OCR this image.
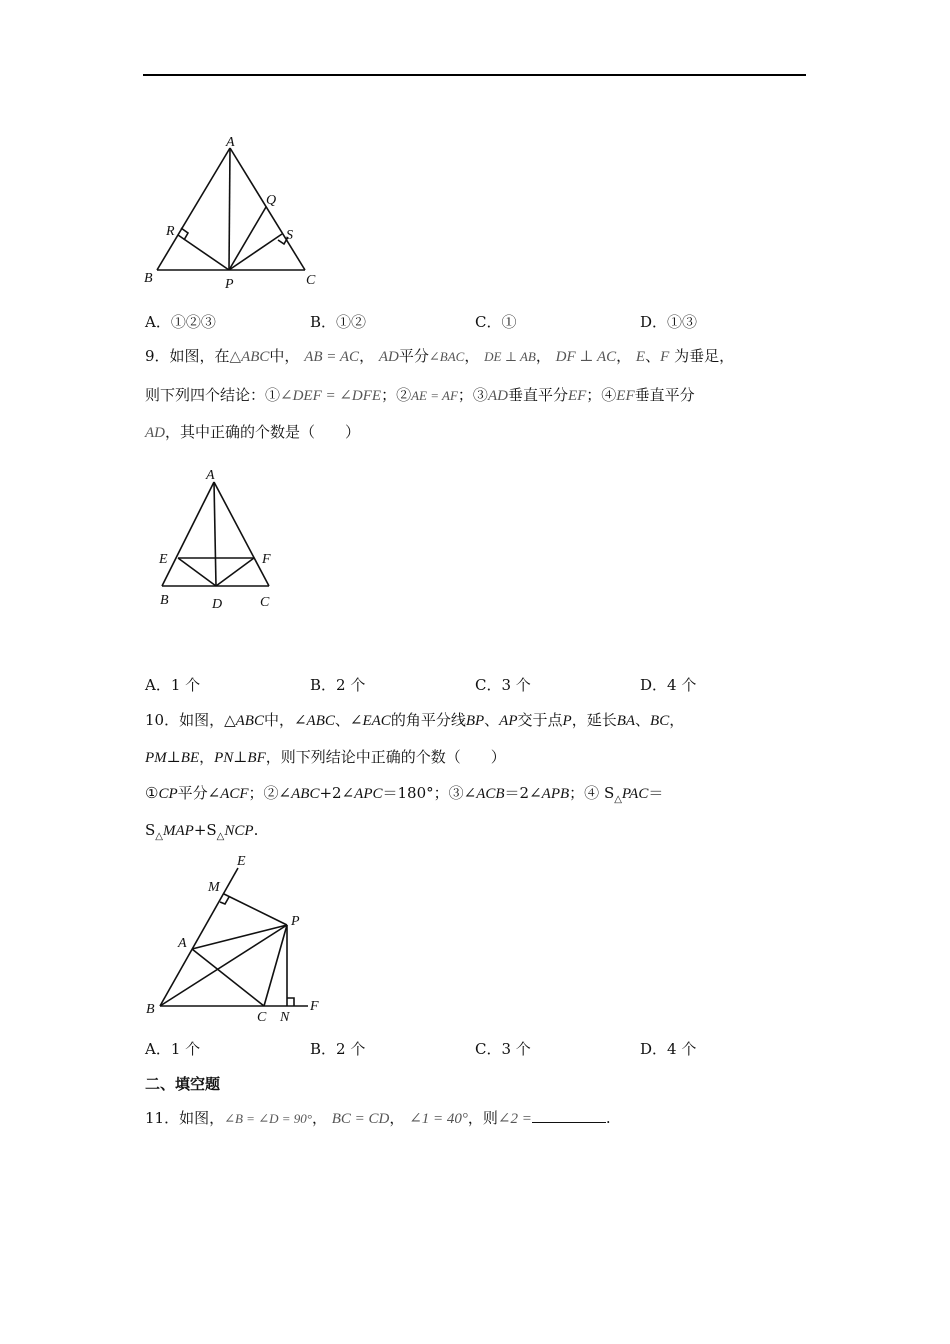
A
Q
R	S
B	P	C
A．①②③	B．①②	C．①	D．①③
9．如图，在△ABC中， AB = AC， AD平分∠BAC， DE ⊥ AB， DF ⊥ AC， E、F 为垂足，
则下列四个结论：①∠DEF = ∠DFE；②AE = AF；③AD垂直平分EF；④EF垂直平分
AD，其中正确的个数是（　　）
A
E	F
B	D	C
A．1 个	B．2 个	C．3 个	D．4 个
10．如图，△ABC中，∠ABC、∠EAC的角平分线BP、AP交于点P，延长BA、BC，
PM⊥BE，PN⊥BF，则下列结论中正确的个数（　　）
①CP平分∠ACF；②∠ABC+2∠APC＝180°；③∠ACB＝2∠APB；④ $S_\triangle PAC=$
$S_\triangle MAP+S_\triangle NCP$.
E
M
P
A
B
C N
F
A．1 个	B．2 个	C．3 个	D．4 个
二、填空题
11．如图，∠B = ∠D = 90°， BC = CD， ∠1 = 40°，则∠2 =	.
